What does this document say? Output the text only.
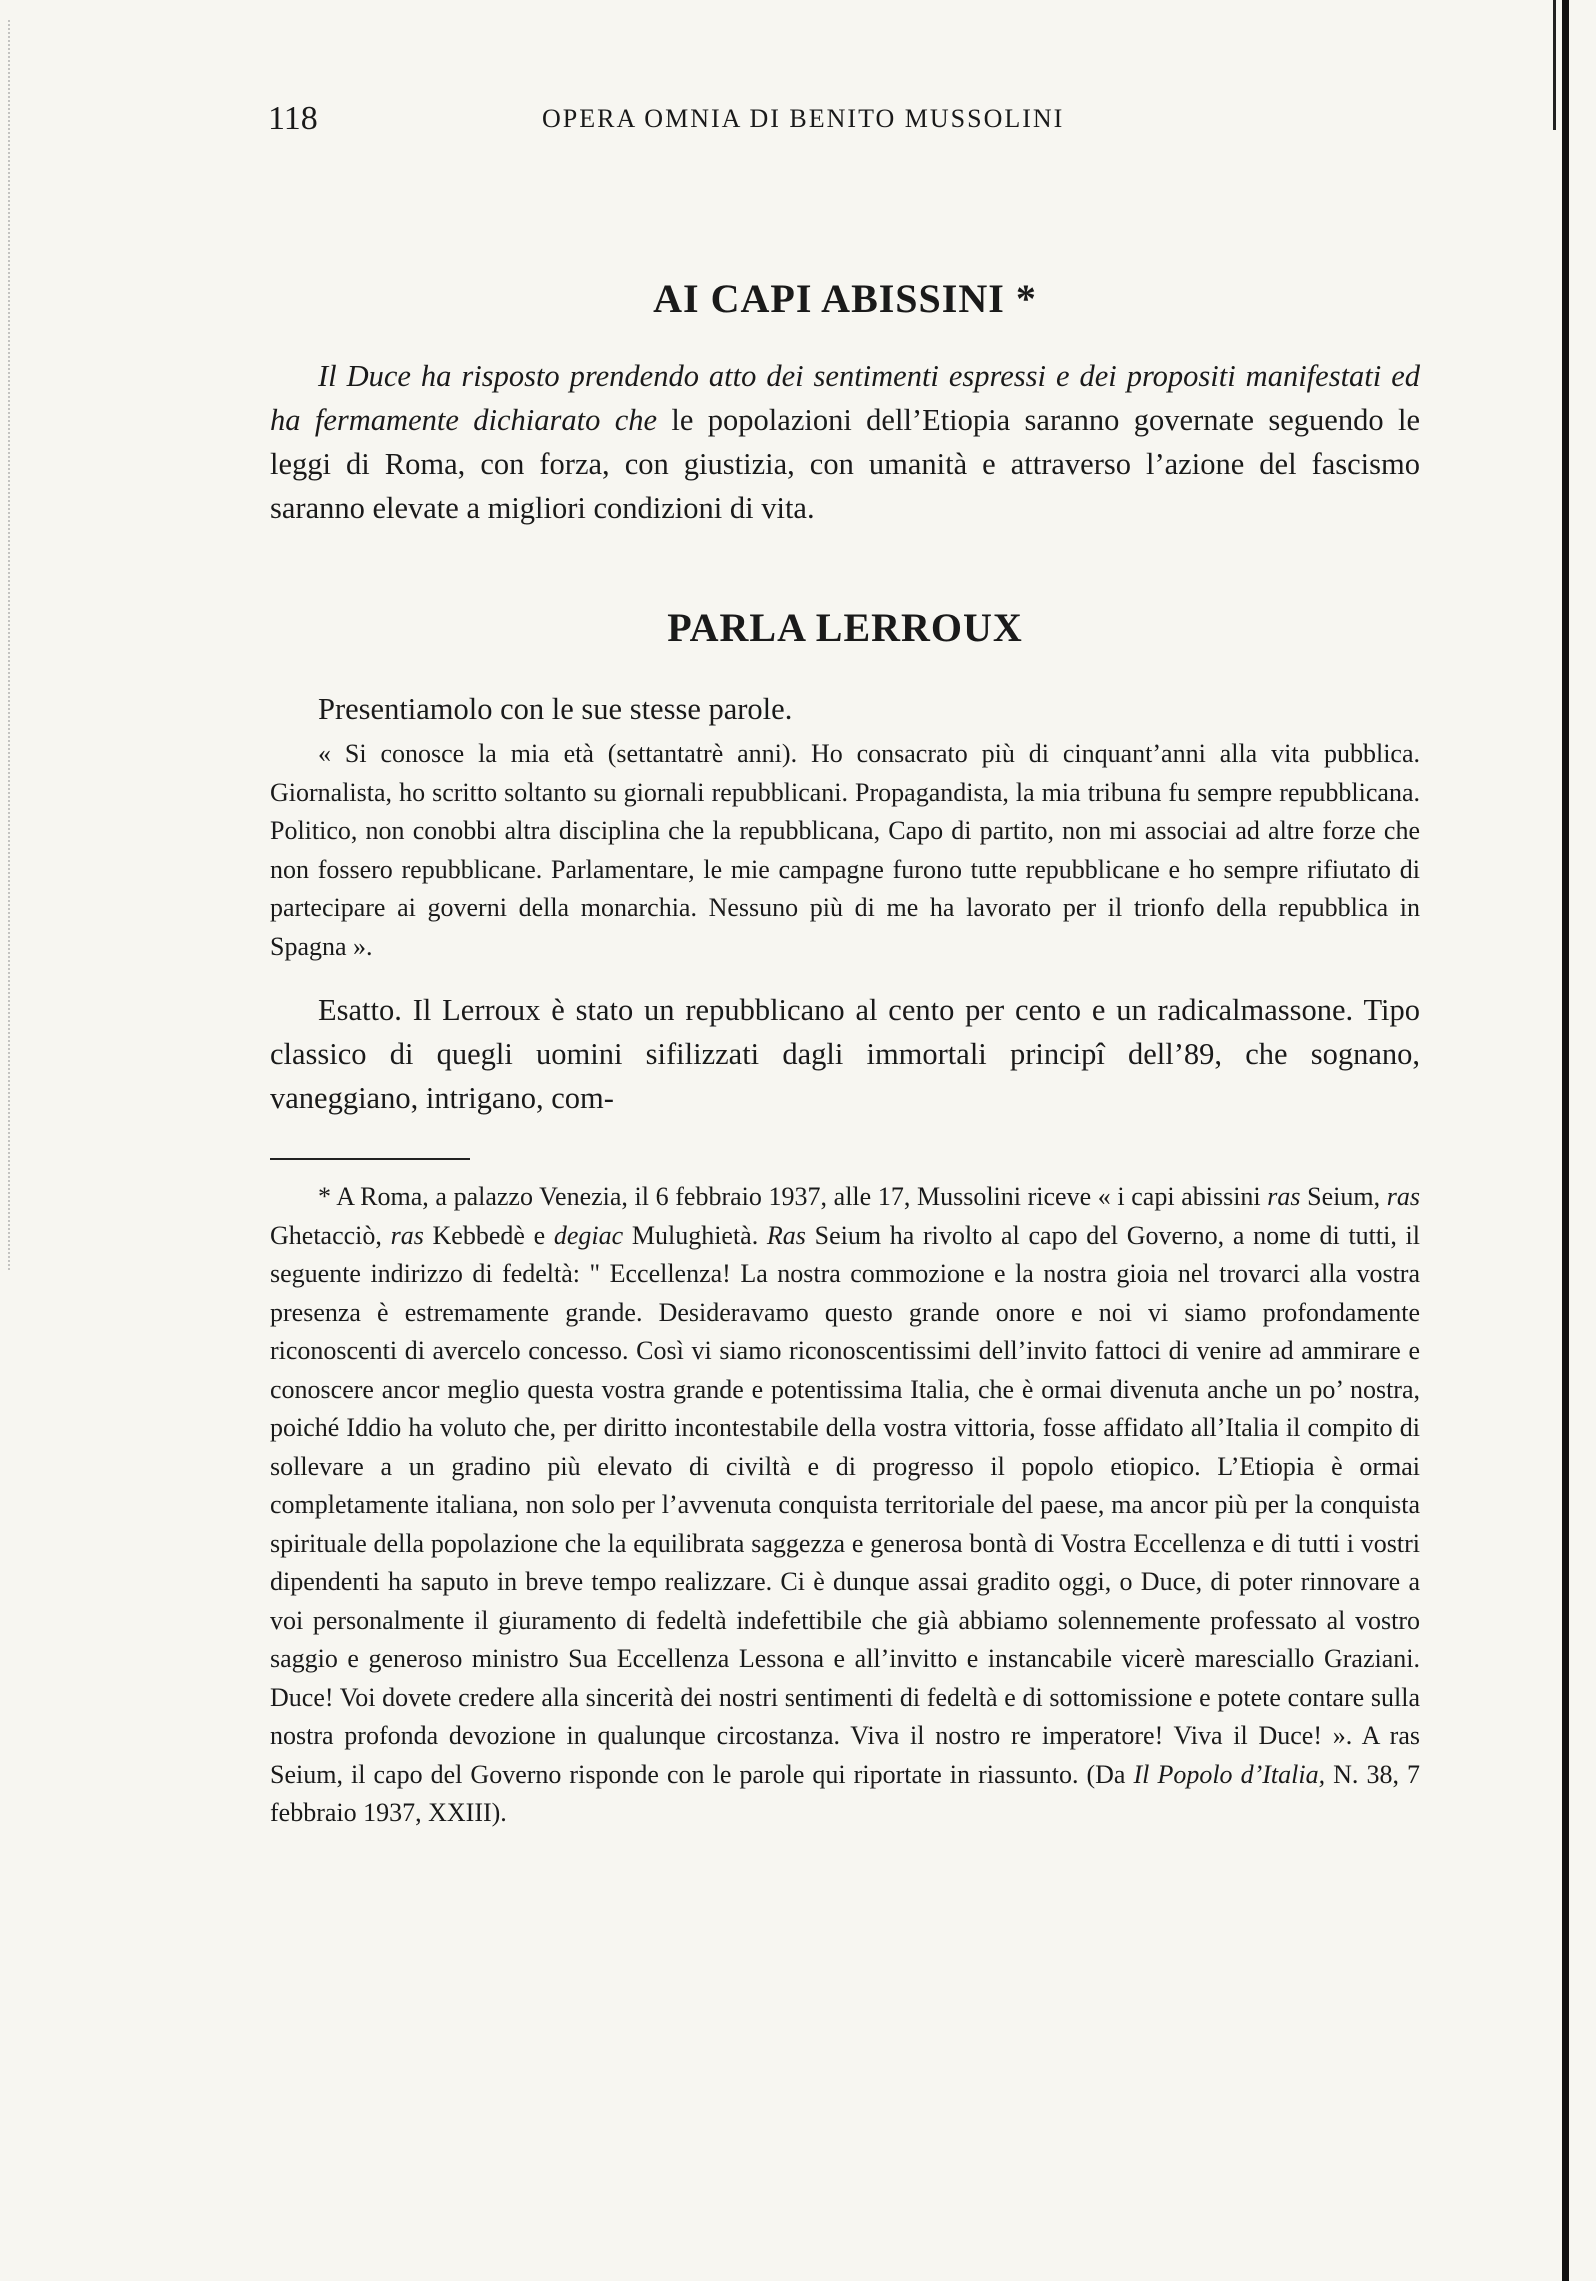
118	OPERA OMNIA DI BENITO MUSSOLINI
AI CAPI ABISSINI *

Il Duce ha risposto prendendo atto dei sentimenti espressi e dei propositi manifestati ed ha fermamente dichiarato che le popolazioni dell’Etiopia saranno governate seguendo le leggi di Roma, con forza, con giustizia, con umanità e attraverso l’azione del fascismo saranno elevate a migliori condizioni di vita.

PARLA LERROUX

Presentiamolo con le sue stesse parole.

« Si conosce la mia età (settantatrè anni). Ho consacrato più di cinquant’anni alla vita pubblica. Giornalista, ho scritto soltanto su giornali repubblicani. Propagandista, la mia tribuna fu sempre repubblicana. Politico, non conobbi altra disciplina che la repubblicana, Capo di partito, non mi associai ad altre forze che non fossero repubblicane. Parlamentare, le mie campagne furono tutte repubblicane e ho sempre rifiutato di partecipare ai governi della monarchia. Nessuno più di me ha lavorato per il trionfo della repubblica in Spagna ».

Esatto. Il Lerroux è stato un repubblicano al cento per cento e un radicalmassone. Tipo classico di quegli uomini sifilizzati dagli immortali principî dell’89, che sognano, vaneggiano, intrigano, com-

* A Roma, a palazzo Venezia, il 6 febbraio 1937, alle 17, Mussolini riceve « i capi abissini ras Seium, ras Ghetacciò, ras Kebbedè e degiac Mulughietà. Ras Seium ha rivolto al capo del Governo, a nome di tutti, il seguente indirizzo di fedeltà: " Eccellenza! La nostra commozione e la nostra gioia nel trovarci alla vostra presenza è estremamente grande. Desideravamo questo grande onore e noi vi siamo profondamente riconoscenti di avercelo concesso. Così vi siamo riconoscentissimi dell’invito fattoci di venire ad ammirare e conoscere ancor meglio questa vostra grande e potentissima Italia, che è ormai divenuta anche un po’ nostra, poiché Iddio ha voluto che, per diritto incontestabile della vostra vittoria, fosse affidato all’Italia il compito di sollevare a un gradino più elevato di civiltà e di progresso il popolo etiopico. L’Etiopia è ormai completamente italiana, non solo per l’avvenuta conquista territoriale del paese, ma ancor più per la conquista spirituale della popolazione che la equilibrata saggezza e generosa bontà di Vostra Eccellenza e di tutti i vostri dipendenti ha saputo in breve tempo realizzare. Ci è dunque assai gradito oggi, o Duce, di poter rinnovare a voi personalmente il giuramento di fedeltà indefettibile che già abbiamo solennemente professato al vostro saggio e generoso ministro Sua Eccellenza Lessona e all’invitto e instancabile vicerè maresciallo Graziani. Duce! Voi dovete credere alla sincerità dei nostri sentimenti di fedeltà e di sottomissione e potete contare sulla nostra profonda devozione in qualunque circostanza. Viva il nostro re imperatore! Viva il Duce! ». A ras Seium, il capo del Governo risponde con le parole qui riportate in riassunto. (Da Il Popolo d’Italia, N. 38, 7 febbraio 1937, XXIII).
